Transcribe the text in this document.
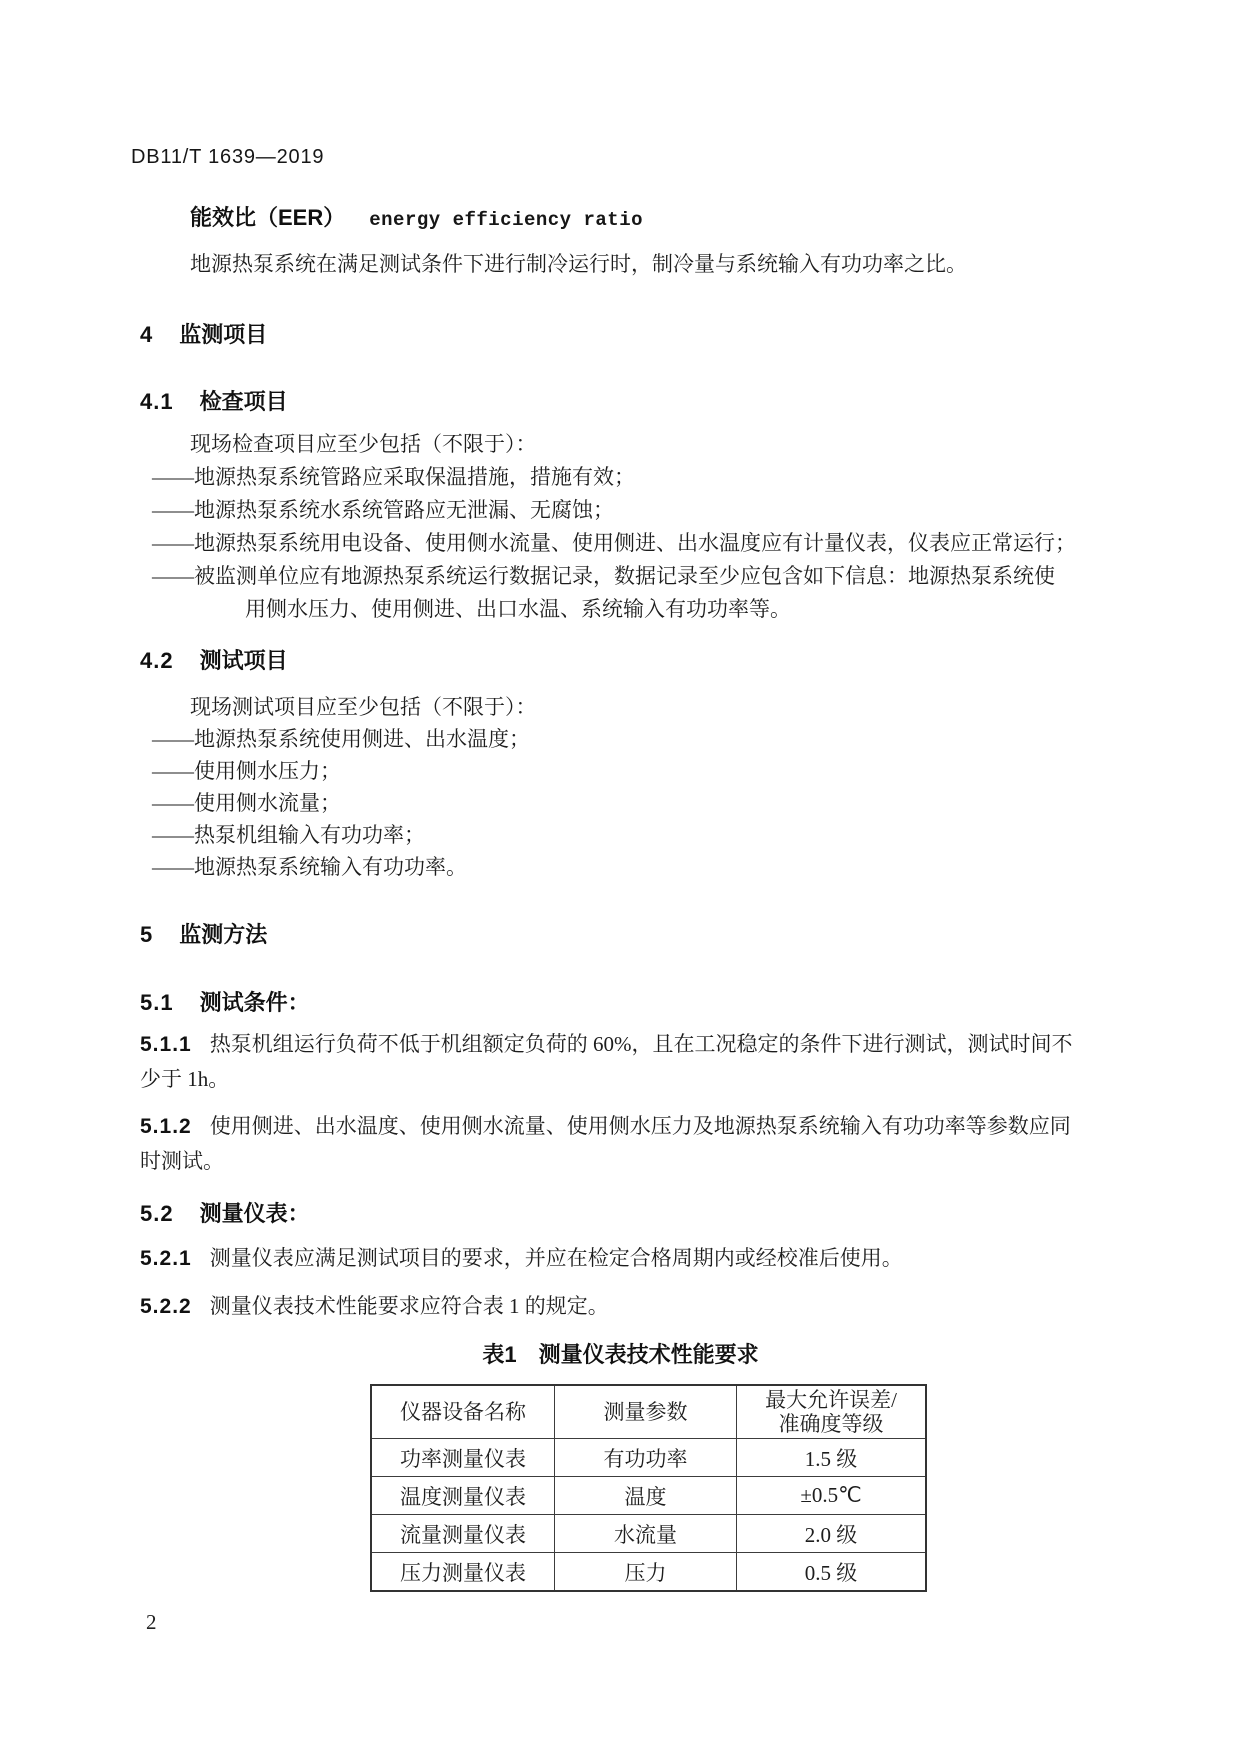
DB11/T 1639—2019
能效比（EER） energy efficiency ratio
地源热泵系统在满足测试条件下进行制冷运行时，制冷量与系统输入有功功率之比。
4 监测项目
4.1 检查项目
现场检查项目应至少包括（不限于）：
——地源热泵系统管路应采取保温措施，措施有效；
——地源热泵系统水系统管路应无泄漏、无腐蚀；
——地源热泵系统用电设备、使用侧水流量、使用侧进、出水温度应有计量仪表，仪表应正常运行；
——被监测单位应有地源热泵系统运行数据记录，数据记录至少应包含如下信息：地源热泵系统使
用侧水压力、使用侧进、出口水温、系统输入有功功率等。
4.2 测试项目
现场测试项目应至少包括（不限于）：
——地源热泵系统使用侧进、出水温度；
——使用侧水压力；
——使用侧水流量；
——热泵机组输入有功功率；
——地源热泵系统输入有功功率。
5 监测方法
5.1 测试条件：
5.1.1 热泵机组运行负荷不低于机组额定负荷的 60%，且在工况稳定的条件下进行测试，测试时间不
少于 1h。
5.1.2 使用侧进、出水温度、使用侧水流量、使用侧水压力及地源热泵系统输入有功功率等参数应同
时测试。
5.2 测量仪表：
5.2.1 测量仪表应满足测试项目的要求，并应在检定合格周期内或经校准后使用。
5.2.2 测量仪表技术性能要求应符合表 1 的规定。
表1 测量仪表技术性能要求
仪器设备名称	测量参数	最大允许误差/
准确度等级

功率测量仪表	有功功率	1.5 级
温度测量仪表	温度	±0.5℃
流量测量仪表	水流量	2.0 级
压力测量仪表	压力	0.5 级
2
